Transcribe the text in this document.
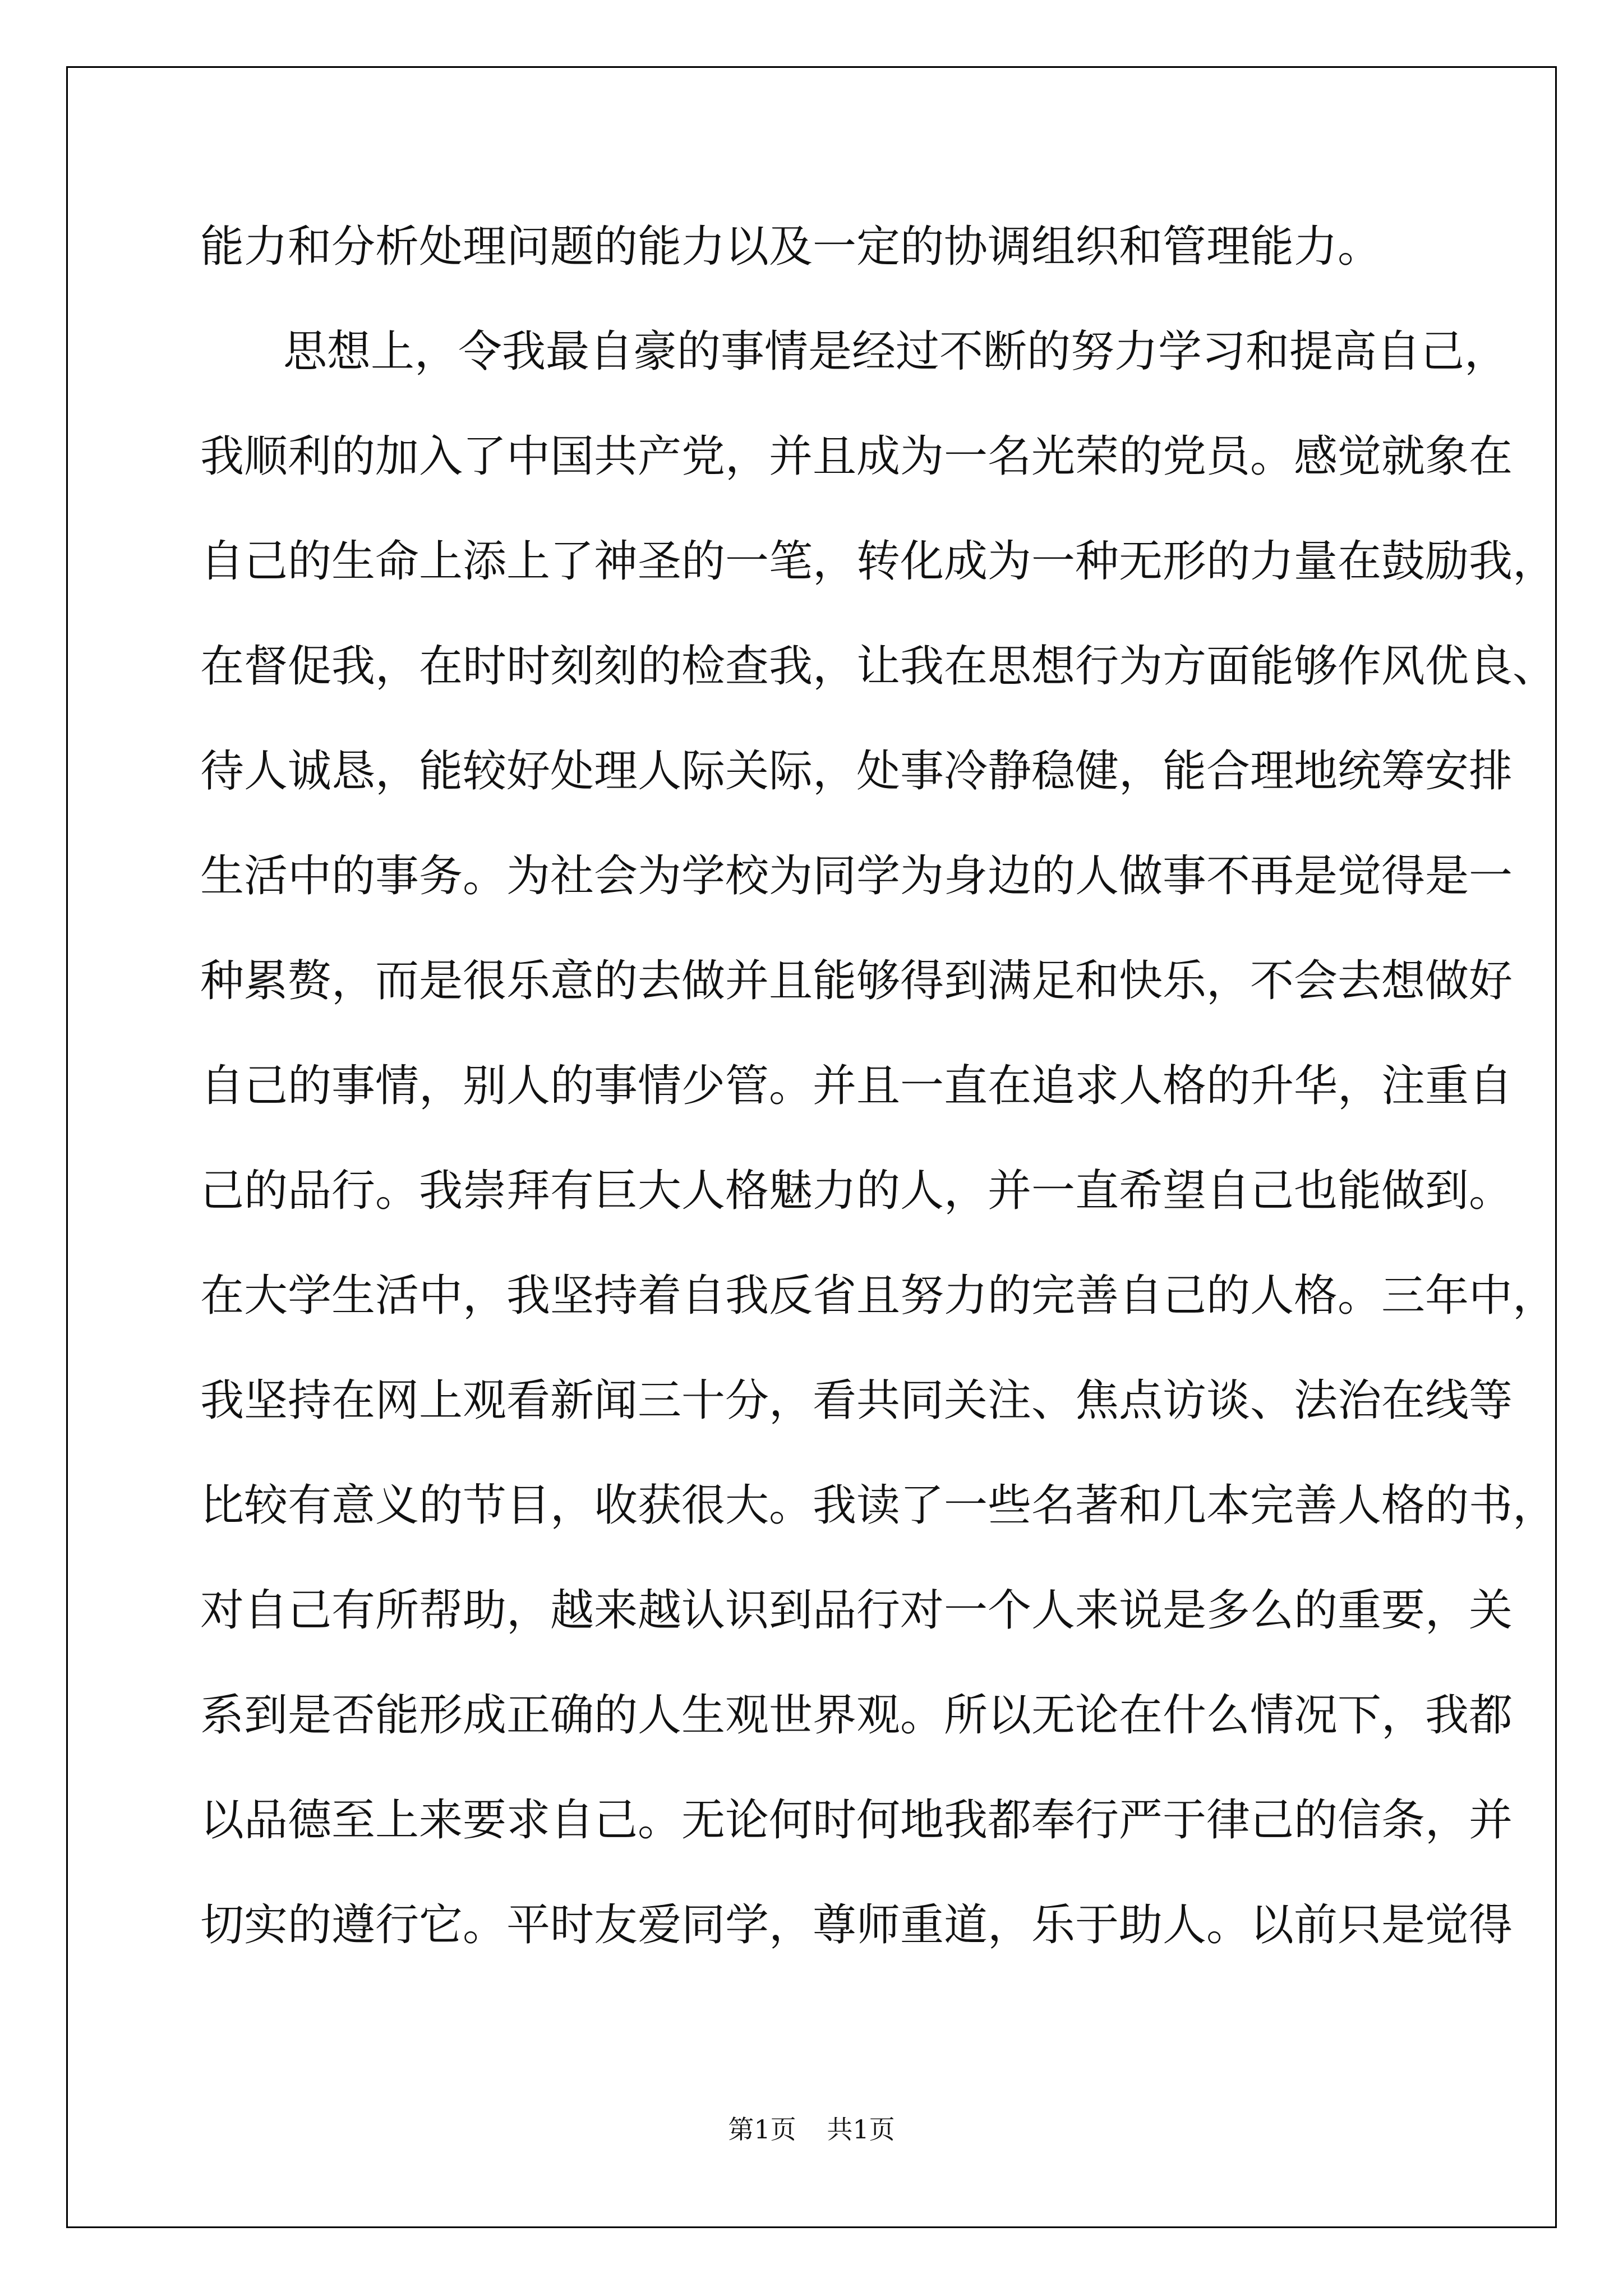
能力和分析处理问题的能力以及一定的协调组织和管理能力。
思想上，令我最自豪的事情是经过不断的努力学习和提高自己，
我顺利的加入了中国共产党，并且成为一名光荣的党员。感觉就象在
自己的生命上添上了神圣的一笔，转化成为一种无形的力量在鼓励我，
在督促我，在时时刻刻的检查我，让我在思想行为方面能够作风优良、
待人诚恳，能较好处理人际关际，处事冷静稳健，能合理地统筹安排
生活中的事务。为社会为学校为同学为身边的人做事不再是觉得是一
种累赘，而是很乐意的去做并且能够得到满足和快乐，不会去想做好
自己的事情，别人的事情少管。并且一直在追求人格的升华，注重自
己的品行。我崇拜有巨大人格魅力的人，并一直希望自己也能做到。
在大学生活中，我坚持着自我反省且努力的完善自己的人格。三年中，
我坚持在网上观看新闻三十分，看共同关注、焦点访谈、法治在线等
比较有意义的节目，收获很大。我读了一些名著和几本完善人格的书，
对自己有所帮助，越来越认识到品行对一个人来说是多么的重要，关
系到是否能形成正确的人生观世界观。所以无论在什么情况下，我都
以品德至上来要求自己。无论何时何地我都奉行严于律己的信条，并
切实的遵行它。平时友爱同学，尊师重道，乐于助人。以前只是觉得
第1页 共1页
